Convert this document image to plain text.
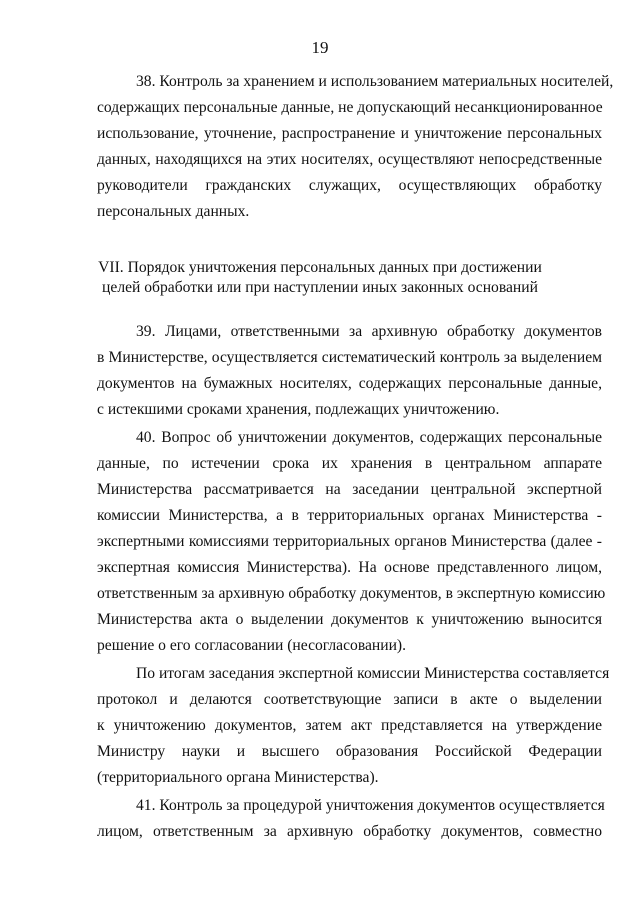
19
38. Контроль за хранением и использованием материальных носителей,
содержащих персональные данные, не допускающий несанкционированное
использование, уточнение, распространение и уничтожение персональных
данных, находящихся на этих носителях, осуществляют непосредственные
руководители гражданских служащих, осуществляющих обработку
персональных данных.
VII. Порядок уничтожения персональных данных при достижении
целей обработки или при наступлении иных законных оснований
39. Лицами, ответственными за архивную обработку документов
в Министерстве, осуществляется систематический контроль за выделением
документов на бумажных носителях, содержащих персональные данные,
с истекшими сроками хранения, подлежащих уничтожению.
40. Вопрос об уничтожении документов, содержащих персональные
данные, по истечении срока их хранения в центральном аппарате
Министерства рассматривается на заседании центральной экспертной
комиссии Министерства, а в территориальных органах Министерства -
экспертными комиссиями территориальных органов Министерства (далее -
экспертная комиссия Министерства). На основе представленного лицом,
ответственным за архивную обработку документов, в экспертную комиссию
Министерства акта о выделении документов к уничтожению выносится
решение о его согласовании (несогласовании).
По итогам заседания экспертной комиссии Министерства составляется
протокол и делаются соответствующие записи в акте о выделении
к уничтожению документов, затем акт представляется на утверждение
Министру науки и высшего образования Российской Федерации
(территориального органа Министерства).
41. Контроль за процедурой уничтожения документов осуществляется
лицом, ответственным за архивную обработку документов, совместно
